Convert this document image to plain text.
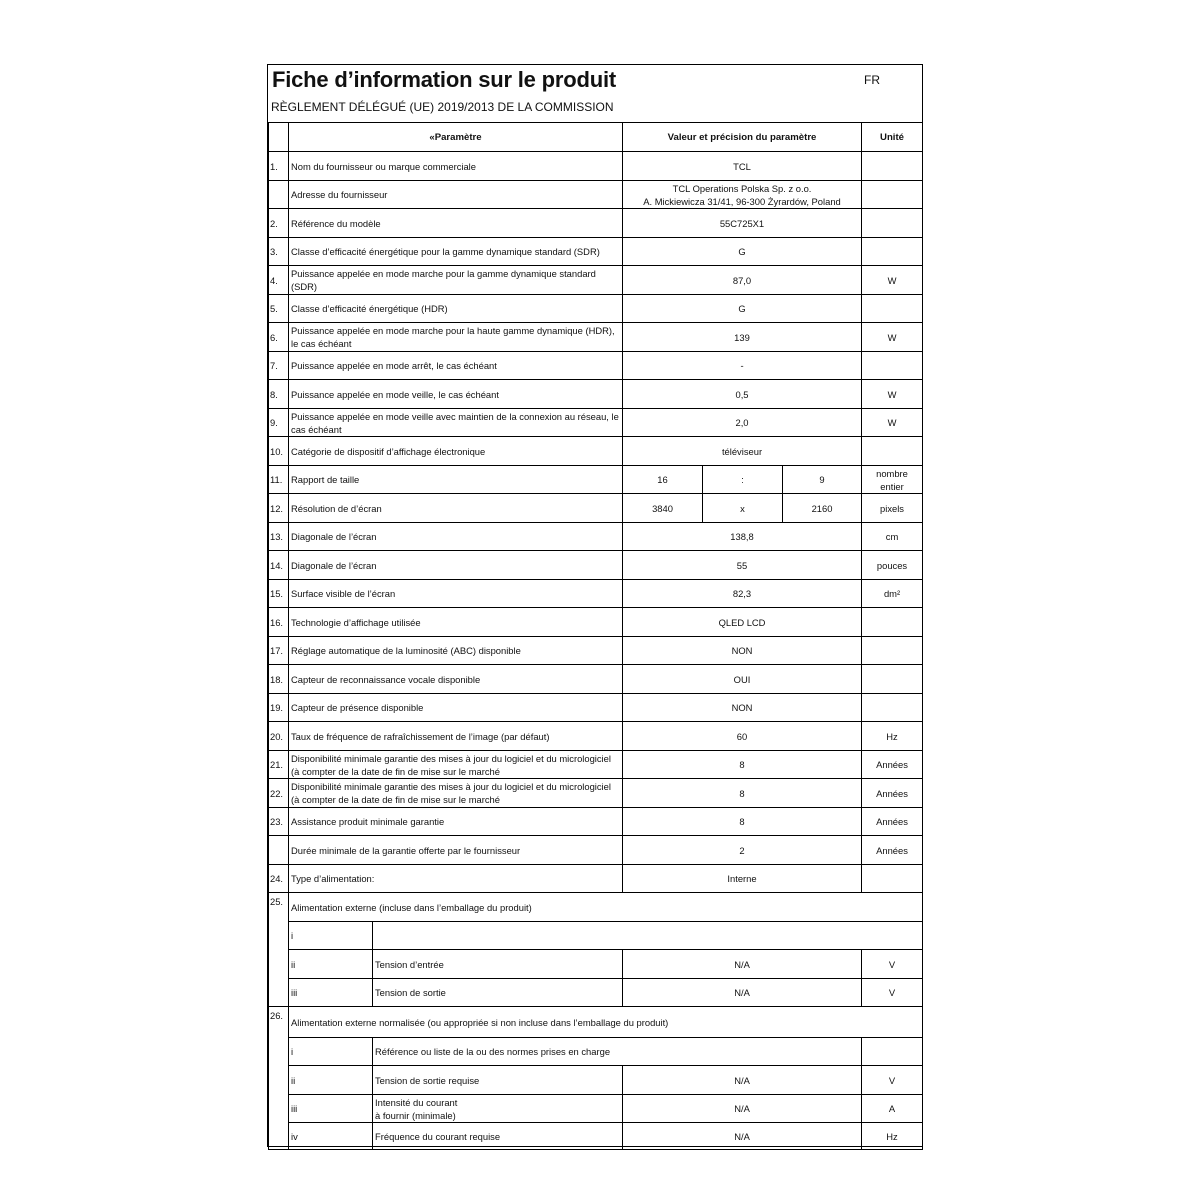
Fiche d’information sur le produit	FR
RÈGLEMENT DÉLÉGUÉ (UE) 2019/2013 DE LA COMMISSION
	«Paramètre		Valeur et précision du paramètre			Unité
1.	Nom du fournisseur ou marque commerciale		TCL			
	Adresse du fournisseur		TCL Operations Polska Sp. z o.o.
A. Mickiewicza 31/41, 96-300 Żyrardów, Poland			

2.	Référence du modèle		55C725X1			
3.	Classe d’efficacité énergétique pour la gamme dynamique standard (SDR)		G			
4.	Puissance appelée en mode marche pour la gamme dynamique standard (SDR)		87,0			W
5.	Classe d’efficacité énergétique (HDR)		G			
6.	Puissance appelée en mode marche pour la haute gamme dynamique (HDR), le cas échéant		139			W
7.	Puissance appelée en mode arrêt, le cas échéant		-			
8.	Puissance appelée en mode veille, le cas échéant		0,5			W
9.	Puissance appelée en mode veille avec maintien de la connexion au réseau, le cas échéant		2,0			W
10.	Catégorie de dispositif d’affichage électronique		téléviseur			
11.	Rapport de taille		16	:	9	nombre entier
12.	Résolution de d’écran		3840	x	2160	pixels
13.	Diagonale de l’écran		138,8			cm
14.	Diagonale de l’écran		55			pouces
15.	Surface visible de l’écran		82,3			dm²
16.	Technologie d’affichage utilisée		QLED LCD			
17.	Réglage automatique de la luminosité (ABC) disponible		NON			
18.	Capteur de reconnaissance vocale disponible		OUI			
19.	Capteur de présence disponible		NON			
20.	Taux de fréquence de rafraîchissement de l’image (par défaut)		60			Hz
21.	Disponibilité minimale garantie des mises à jour du logiciel et du micrologiciel (à compter de la date de fin de mise sur le marché		8			Années
22.	Disponibilité minimale garantie des mises à jour du logiciel et du micrologiciel (à compter de la date de fin de mise sur le marché		8			Années
23.	Assistance produit minimale garantie		8			Années
	Durée minimale de la garantie offerte par le fournisseur		2			Années
24.	Type d’alimentation:		Interne			
25.	Alimentation externe (incluse dans l’emballage du produit)					
	i					
	ii	Tension d’entrée	N/A			V
	iii	Tension de sortie	N/A			V
26.	Alimentation externe normalisée (ou appropriée si non incluse dans l’emballage du produit)					
	i	Référence ou liste de la ou des normes prises en charge				
	ii	Tension de sortie requise	N/A			V
	iii	Intensité du courant
à fournir (minimale)	N/A			A
	iv	Fréquence du courant requise	N/A			Hz
